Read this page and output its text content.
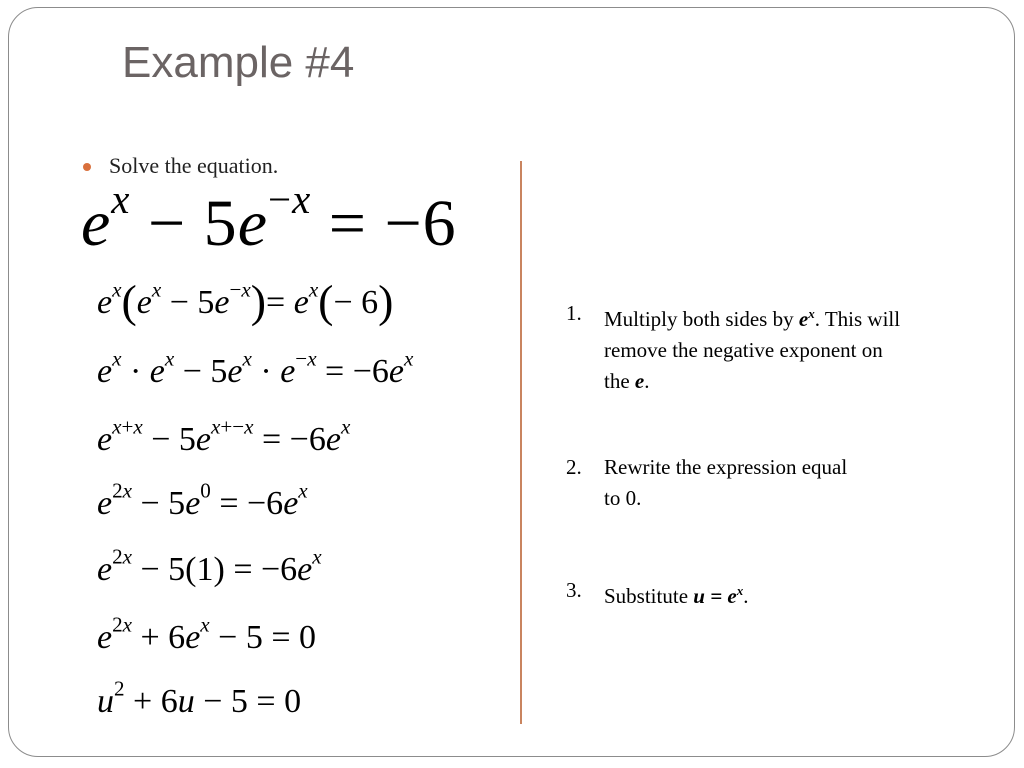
Example #4
Solve the equation.
$e^x - 5e^{-x} = -6$
$e^x(e^x - 5e^{-x})= e^x(- 6)$
$e^x \cdot e^x - 5e^x \cdot e^{-x} = -6e^x$
$e^{x+x} - 5e^{x+-x} = -6e^x$
$e^{2x} - 5e^0 = -6e^x$
$e^{2x} - 5(1) = -6e^x$
$e^{2x} + 6e^x - 5 = 0$
$u^2 + 6u - 5 = 0$
1. Multiply both sides by $e^x$. This will remove the negative exponent on the e.
2. Rewrite the expression equal to 0.
3. Substitute $u = e^x$.
